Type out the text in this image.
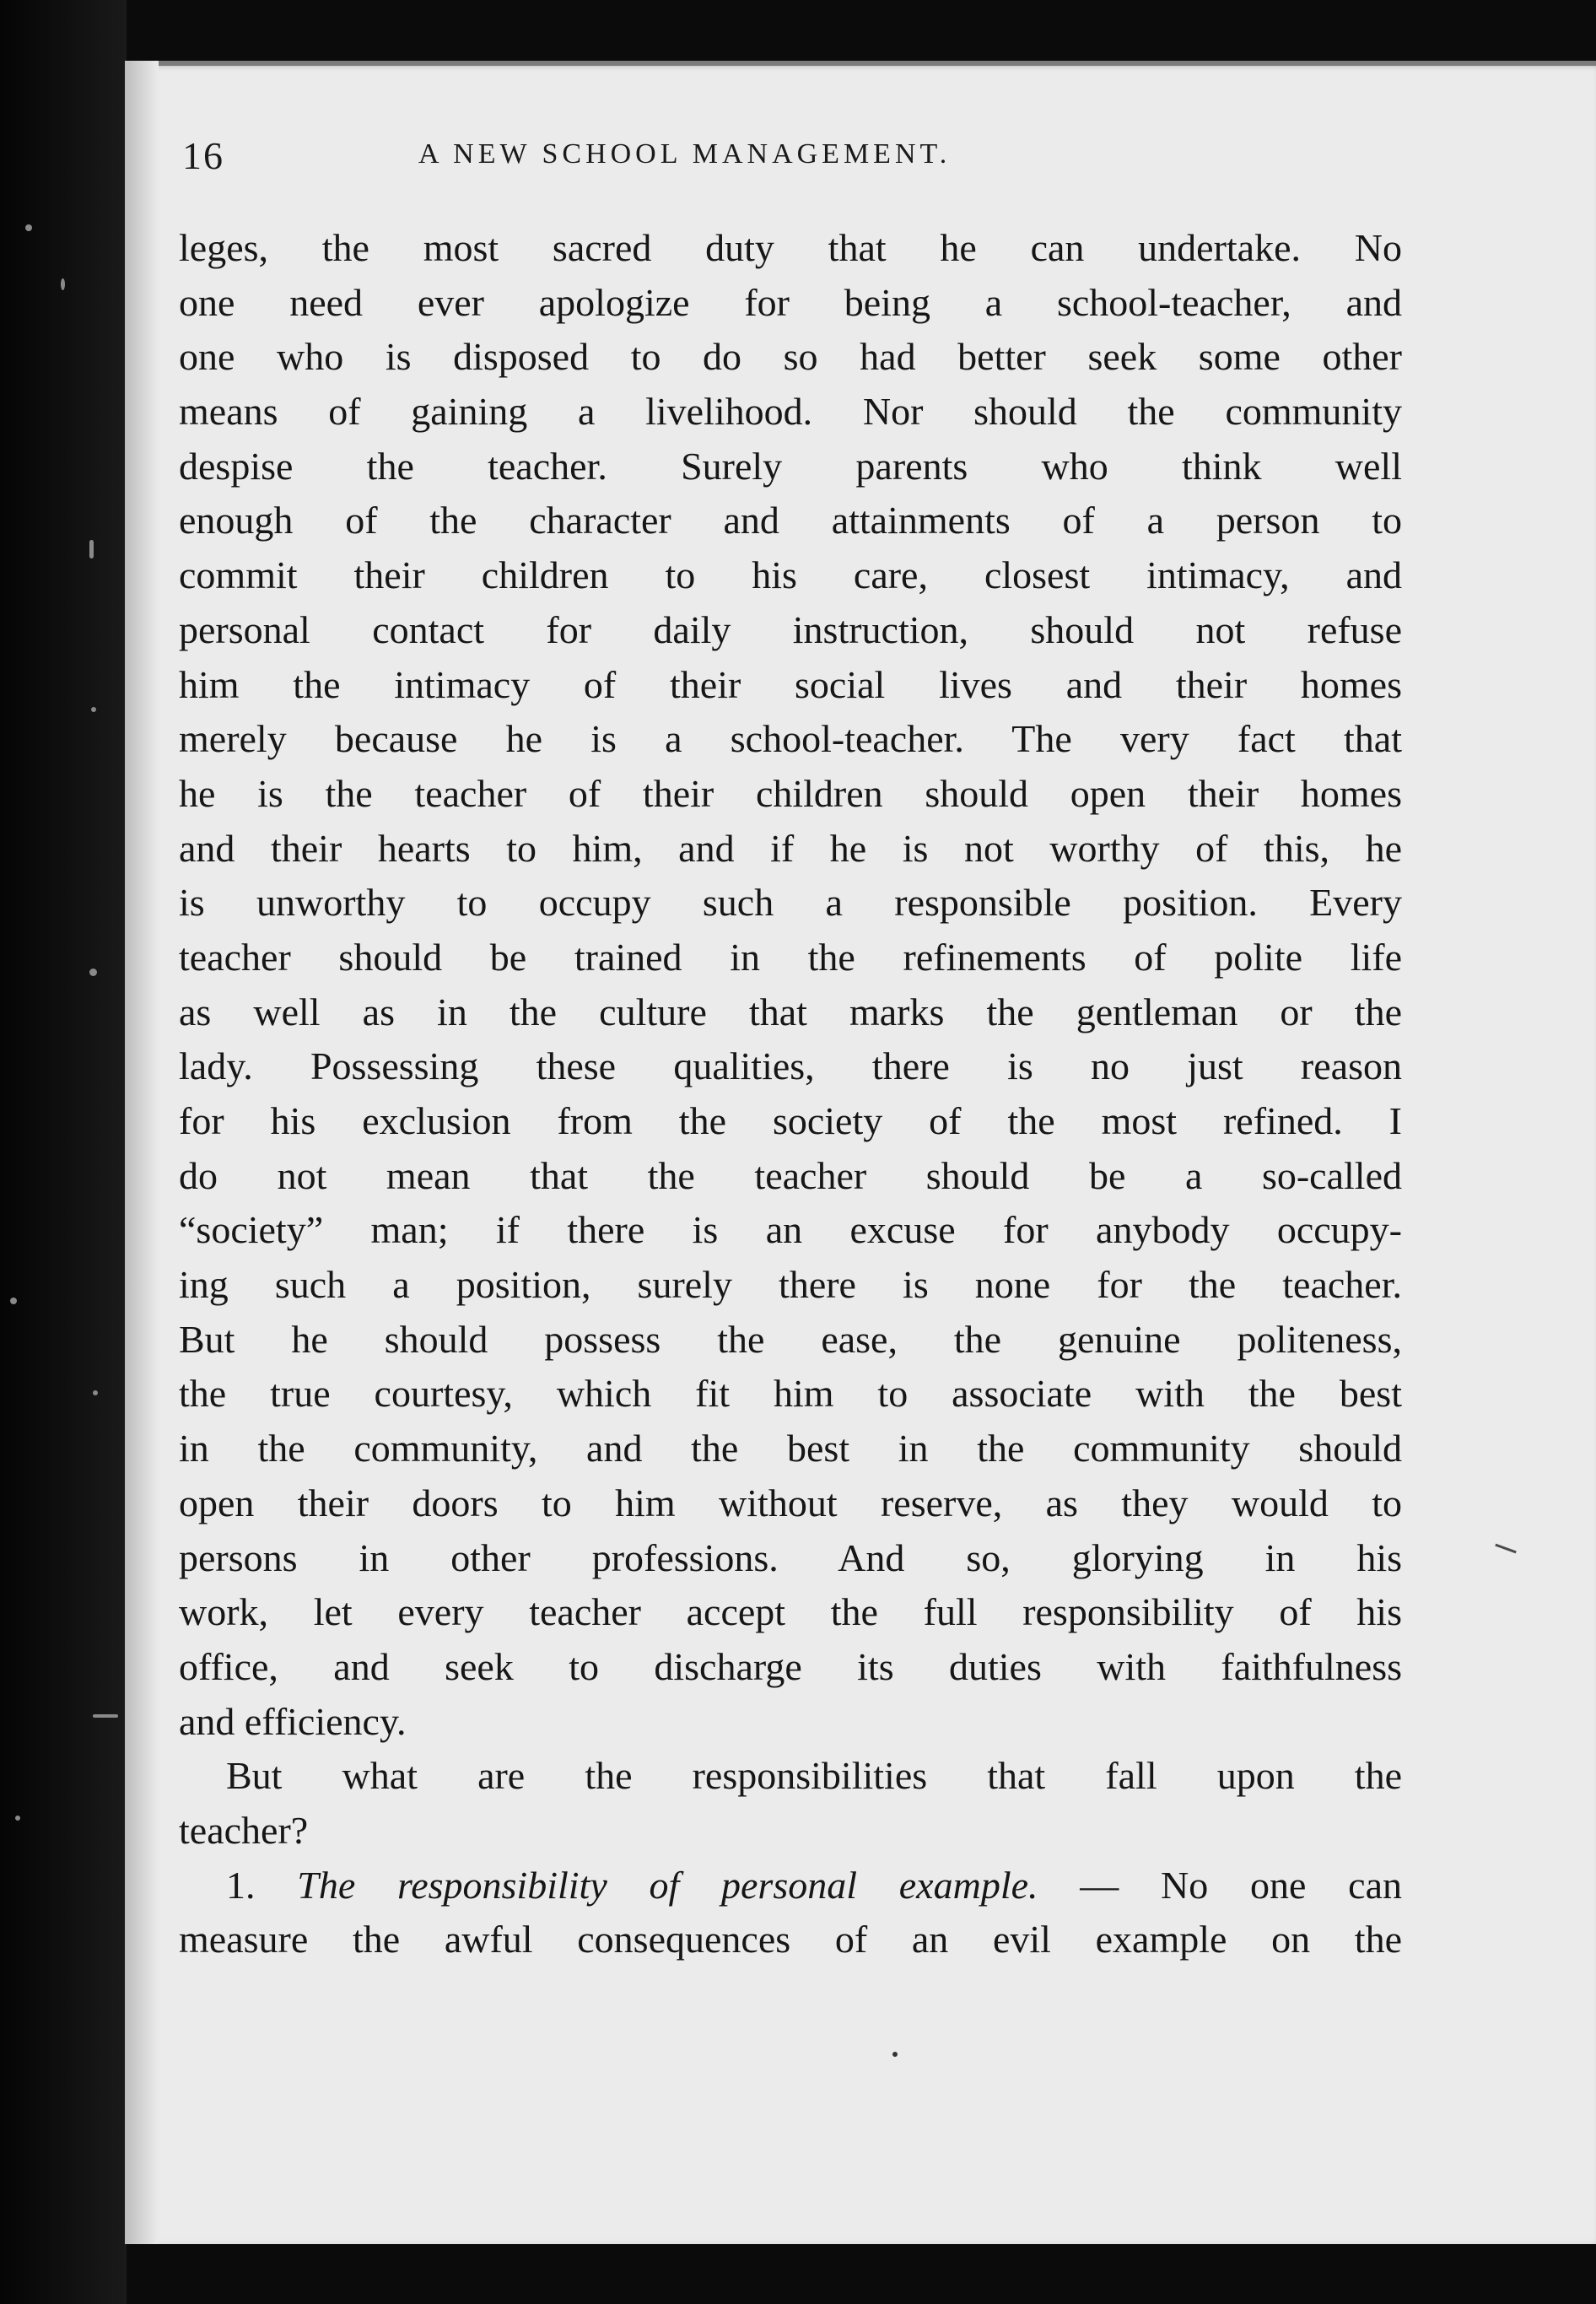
16	A NEW SCHOOL MANAGEMENT.
leges, the most sacred duty that he can undertake. No
one need ever apologize for being a school-teacher, and
one who is disposed to do so had better seek some other
means of gaining a livelihood. Nor should the community
despise the teacher. Surely parents who think well
enough of the character and attainments of a person to
commit their children to his care, closest intimacy, and
personal contact for daily instruction, should not refuse
him the intimacy of their social lives and their homes
merely because he is a school-teacher. The very fact that
he is the teacher of their children should open their homes
and their hearts to him, and if he is not worthy of this, he
is unworthy to occupy such a responsible position. Every
teacher should be trained in the refinements of polite life
as well as in the culture that marks the gentleman or the
lady. Possessing these qualities, there is no just reason
for his exclusion from the society of the most refined. I
do not mean that the teacher should be a so-called
“society” man; if there is an excuse for anybody occupy-
ing such a position, surely there is none for the teacher.
But he should possess the ease, the genuine politeness,
the true courtesy, which fit him to associate with the best
in the community, and the best in the community should
open their doors to him without reserve, as they would to
persons in other professions. And so, glorying in his
work, let every teacher accept the full responsibility of his
office, and seek to discharge its duties with faithfulness
and efficiency.
But what are the responsibilities that fall upon the
teacher?
1. The responsibility of personal example. — No one can
measure the awful consequences of an evil example on the
